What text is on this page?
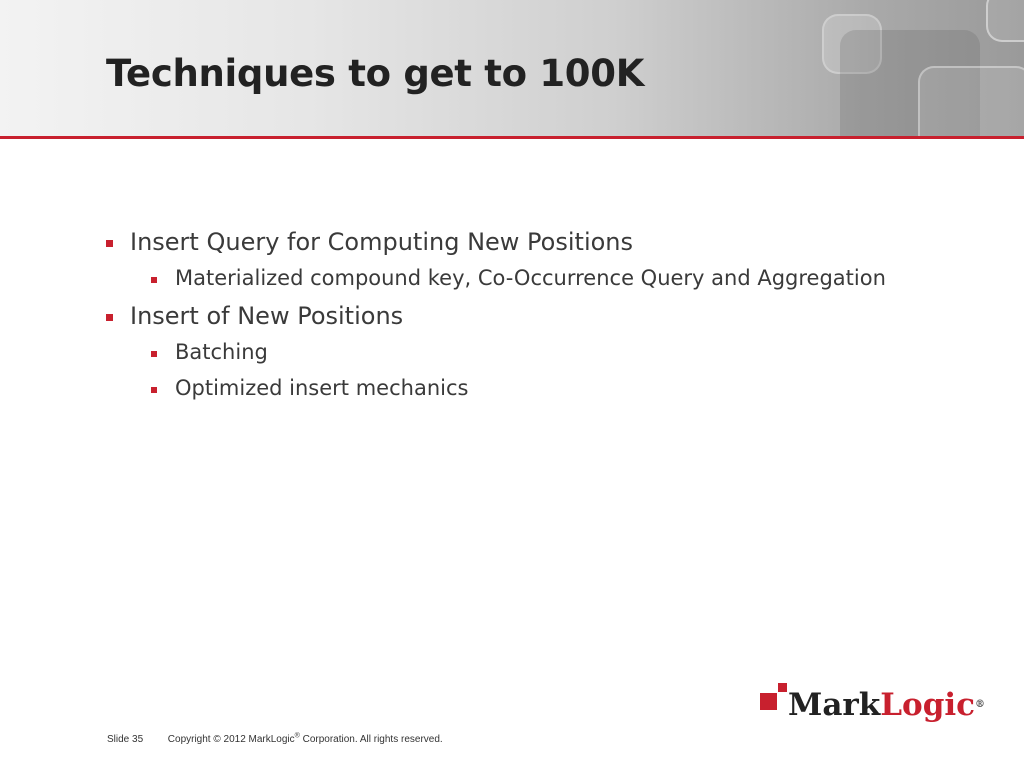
Techniques to get to 100K
Insert Query for Computing New Positions
Materialized compound key, Co-Occurrence Query and Aggregation
Insert of New Positions
Batching
Optimized insert mechanics
MarkLogic®
Slide 35 Copyright © 2012 MarkLogic® Corporation. All rights reserved.
